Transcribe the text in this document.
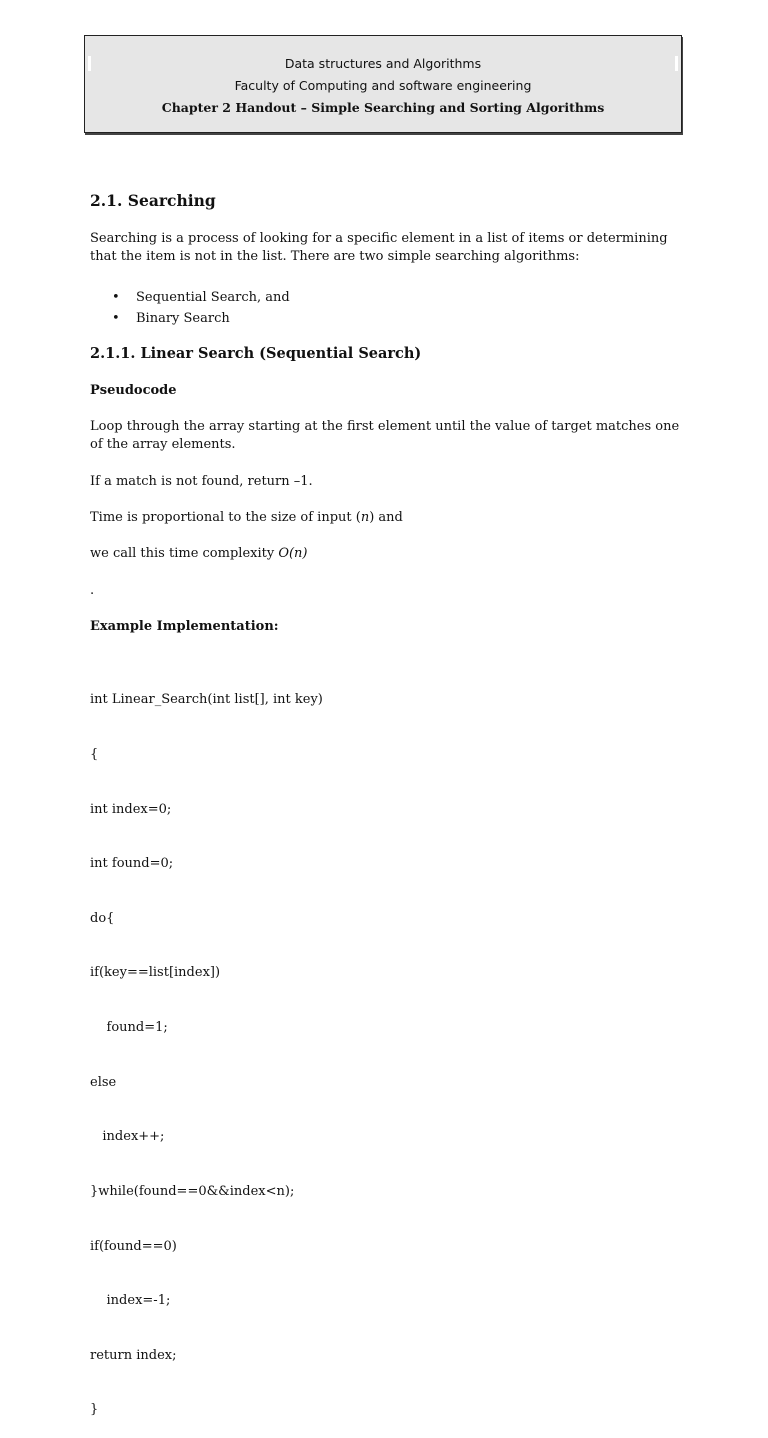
Data structures and Algorithms
Faculty of Computing and software engineering
Chapter 2 Handout – Simple Searching and Sorting Algorithms
2.1. Searching
Searching is a process of looking for a specific element in a list of items or determining that the item is not in the list. There are two simple searching algorithms:
• Sequential Search, and
• Binary Search
2.1.1. Linear Search (Sequential Search)
Pseudocode
Loop through the array starting at the first element until the value of target matches one of the array elements.
If a match is not found, return –1.
Time is proportional to the size of input (n) and
we call this time complexity O(n)
.
Example Implementation:

int Linear_Search(int list[], int key)

{

int index=0;

int found=0;

do{

if(key==list[index])

found=1;

else

index++;

}while(found==0&&index<n);

if(found==0)

index=-1;

return index;

}
